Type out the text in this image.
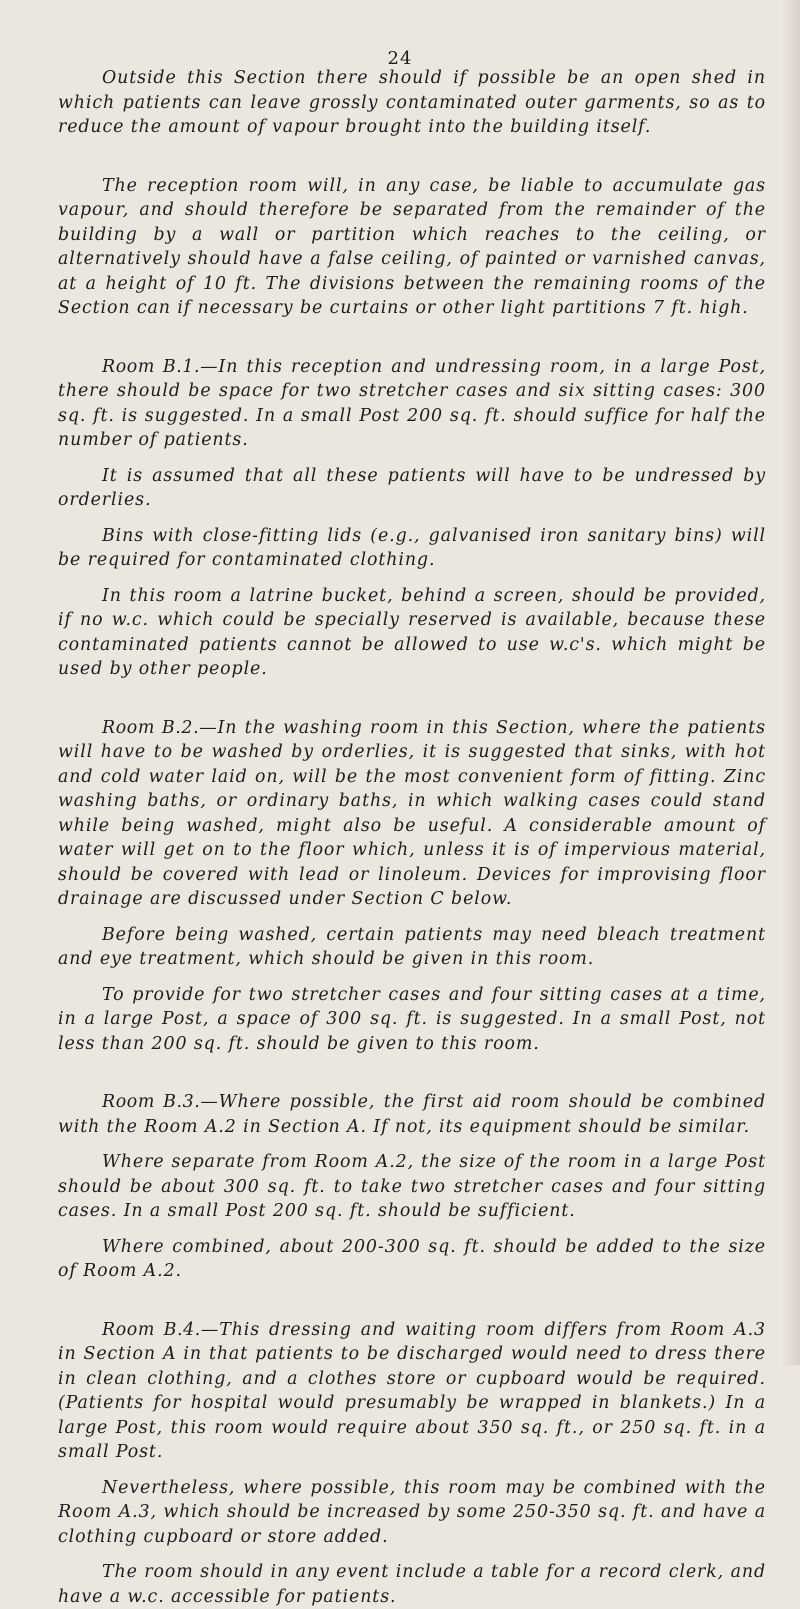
24

Outside this Section there should if possible be an open shed in which patients can leave grossly contaminated outer garments, so as to reduce the amount of vapour brought into the building itself.

The reception room will, in any case, be liable to accumulate gas vapour, and should therefore be separated from the remainder of the building by a wall or partition which reaches to the ceiling, or alternatively should have a false ceiling, of painted or varnished canvas, at a height of 10 ft. The divisions between the remaining rooms of the Section can if necessary be curtains or other light partitions 7 ft. high.

Room B.1.—In this reception and undressing room, in a large Post, there should be space for two stretcher cases and six sitting cases: 300 sq. ft. is suggested. In a small Post 200 sq. ft. should suffice for half the number of patients.

It is assumed that all these patients will have to be undressed by orderlies.

Bins with close-fitting lids (e.g., galvanised iron sanitary bins) will be required for contaminated clothing.

In this room a latrine bucket, behind a screen, should be provided, if no w.c. which could be specially reserved is available, because these contaminated patients cannot be allowed to use w.c's. which might be used by other people.

Room B.2.—In the washing room in this Section, where the patients will have to be washed by orderlies, it is suggested that sinks, with hot and cold water laid on, will be the most convenient form of fitting. Zinc washing baths, or ordinary baths, in which walking cases could stand while being washed, might also be useful. A considerable amount of water will get on to the floor which, unless it is of impervious material, should be covered with lead or linoleum. Devices for improvising floor drainage are discussed under Section C below.

Before being washed, certain patients may need bleach treatment and eye treatment, which should be given in this room.

To provide for two stretcher cases and four sitting cases at a time, in a large Post, a space of 300 sq. ft. is suggested. In a small Post, not less than 200 sq. ft. should be given to this room.

Room B.3.—Where possible, the first aid room should be combined with the Room A.2 in Section A. If not, its equipment should be similar.

Where separate from Room A.2, the size of the room in a large Post should be about 300 sq. ft. to take two stretcher cases and four sitting cases. In a small Post 200 sq. ft. should be sufficient.

Where combined, about 200-300 sq. ft. should be added to the size of Room A.2.

Room B.4.—This dressing and waiting room differs from Room A.3 in Section A in that patients to be discharged would need to dress there in clean clothing, and a clothes store or cupboard would be required. (Patients for hospital would presumably be wrapped in blankets.) In a large Post, this room would require about 350 sq. ft., or 250 sq. ft. in a small Post.

Nevertheless, where possible, this room may be combined with the Room A.3, which should be increased by some 250-350 sq. ft. and have a clothing cupboard or store added.

The room should in any event include a table for a record clerk, and have a w.c. accessible for patients.
